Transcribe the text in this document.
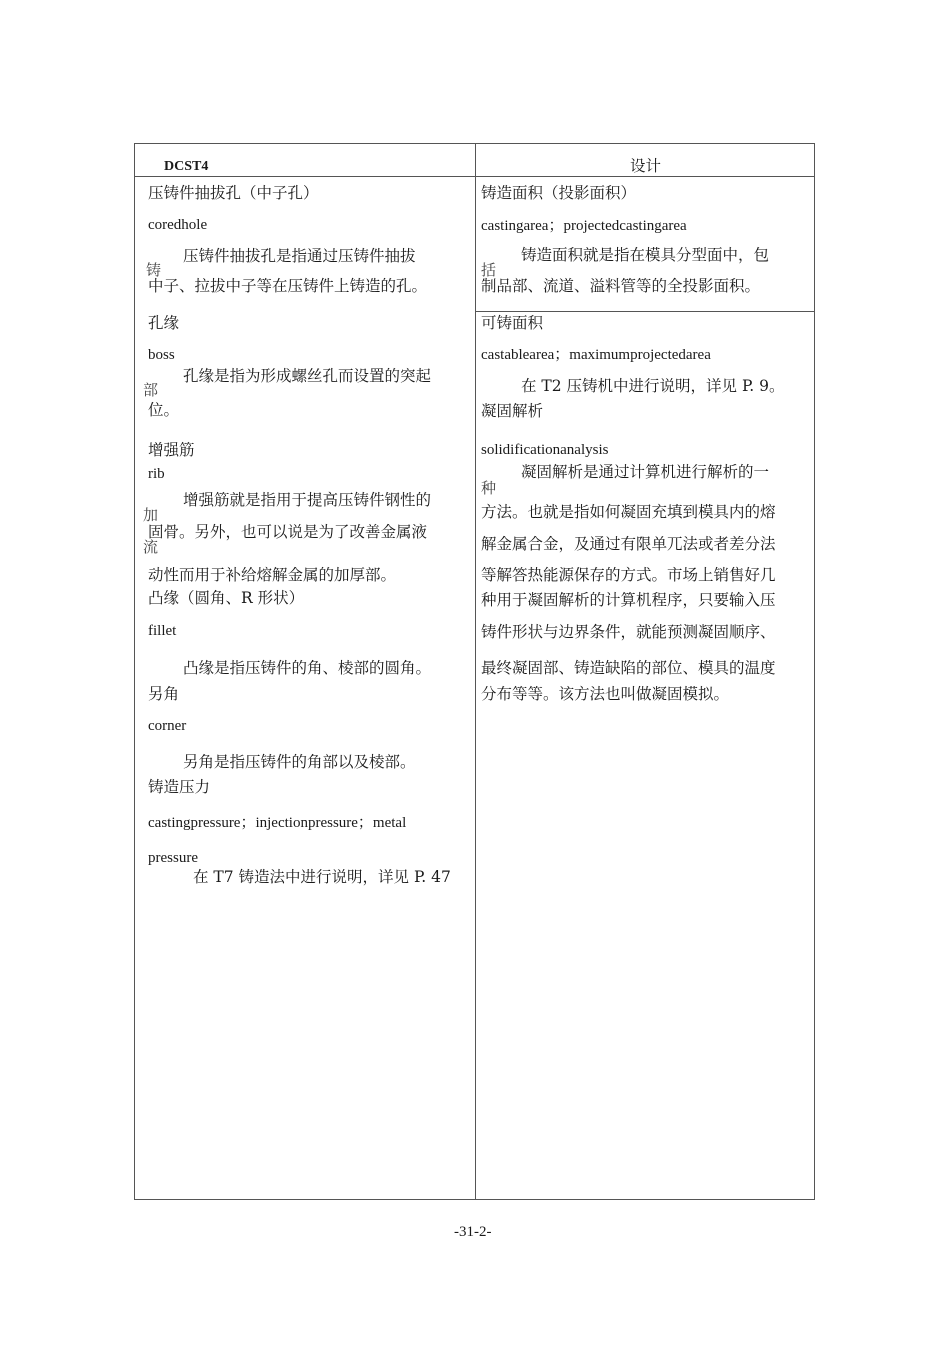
DCST4	设计
压铸件抽拔孔（中子孔）
coredhole
压铸件抽拔孔是指通过压铸件抽拔
铸
中子、拉拔中子等在压铸件上铸造的孔。
孔缘
boss
孔缘是指为形成螺丝孔而设置的突起
部
位。
增强筋
rib
增强筋就是指用于提高压铸件钢性的
加
固骨。另外，也可以说是为了改善金属液
流
动性而用于补给熔解金属的加厚部。
凸缘（圆角、R 形状）
fillet
凸缘是指压铸件的角、棱部的圆角。
另角
corner
另角是指压铸件的角部以及棱部。
铸造压力
castingpressure；injectionpressure；metal
pressure
在 T7 铸造法中进行说明，详见 P. 47
铸造面积（投影面积）
castingarea；projectedcastingarea
铸造面积就是指在模具分型面中，包
括
制品部、流道、溢料管等的全投影面积。
可铸面积
castablearea；maximumprojectedarea
在 T2 压铸机中进行说明，详见 P. 9。
凝固解析
solidificationanalysis
凝固解析是通过计算机进行解析的一
种
方法。也就是指如何凝固充填到模具内的熔
解金属合金，及通过有限单兀法或者差分法
等解答热能源保存的方式。市场上销售好几
种用于凝固解析的计算机程序，只要输入压
铸件形状与边界条件，就能预测凝固顺序、
最终凝固部、铸造缺陷的部位、模具的温度
分布等等。该方法也叫做凝固模拟。
-31-2-
